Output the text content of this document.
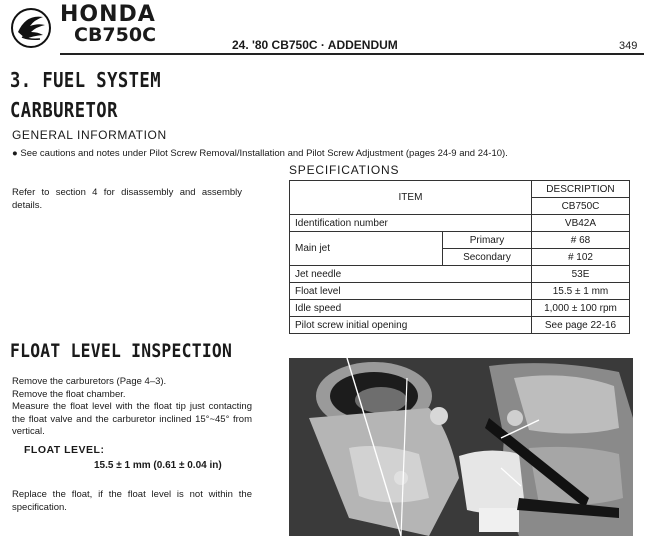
HONDA
CB750C	24. '80 CB750C · ADDENDUM	349
3. FUEL SYSTEM
CARBURETOR
GENERAL INFORMATION
● See cautions and notes under Pilot Screw Removal/Installation and Pilot Screw Adjustment (pages 24-9 and 24-10).
Refer to section 4 for disassembly and assembly details.
SPECIFICATIONS
ITEM		DESCRIPTION
		CB750C
Identification number		VB42A
Main jet	Primary	# 68
	Secondary	# 102
Jet needle		53E
Float level		15.5 ± 1 mm
Idle speed		1,000 ± 100 rpm
Pilot screw initial opening		See page 22-16
FLOAT LEVEL INSPECTION
Remove the carburetors (Page 4–3).
Remove the float chamber.
Measure the float level with the float tip just contacting the float valve and the carburetor inclined 15°~45° from vertical.
FLOAT LEVEL:
15.5 ± 1 mm (0.61 ± 0.04 in)
Replace the float, if the float level is not within the specification.
